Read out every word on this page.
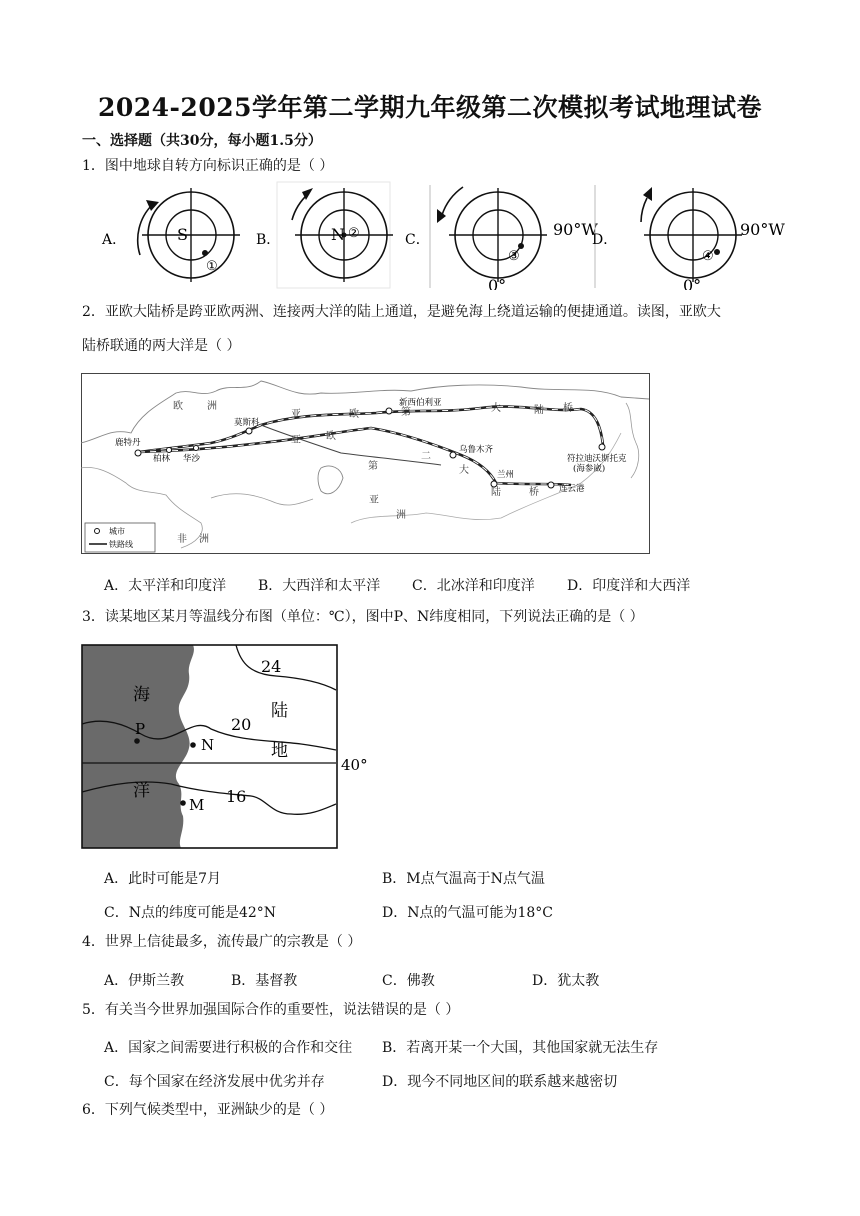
2024-2025学年第二学期九年级第二次模拟考试地理试卷
一、选择题（共30分，每小题1.5分）
1．图中地球自转方向标识正确的是（ ）
A．	S
①
B．	N ②	C．
90°W
0°
③
D．
90°W
0°
④
2．亚欧大陆桥是跨亚欧两洲、连接两大洋的陆上通道，是避免海上绕道运输的便捷通道。读图，亚欧大
陆桥联通的两大洋是（ ）
鹿特丹
柏林 华沙
莫斯科
新西伯利亚
乌鲁木齐
兰州
连云港
符拉迪沃斯托克
(海参崴)
欧 洲
亚	欧	第	一 大	陆 桥
亚	欧
第
二
大
陆	桥
亚
洲
非 洲
城市
铁路线
A．太平洋和印度洋 B．大西洋和太平洋 C．北冰洋和印度洋 D．印度洋和大西洋
3．读某地区某月等温线分布图（单位：℃），图中P、N纬度相同，下列说法正确的是（ ）
24
20
16
海
洋
陆
地
P
N
M
40°
A．此时可能是7月	B．M点气温高于N点气温
C．N点的纬度可能是42°N	D．N点的气温可能为18°C
4．世界上信徒最多，流传最广的宗教是（ ）
A．伊斯兰教	B．基督教	C．佛教	D．犹太教
5．有关当今世界加强国际合作的重要性，说法错误的是（ ）
A．国家之间需要进行积极的合作和交往 B．若离开某一个大国，其他国家就无法生存
C．每个国家在经济发展中优劣并存	D．现今不同地区间的联系越来越密切
6．下列气候类型中，亚洲缺少的是（ ）
